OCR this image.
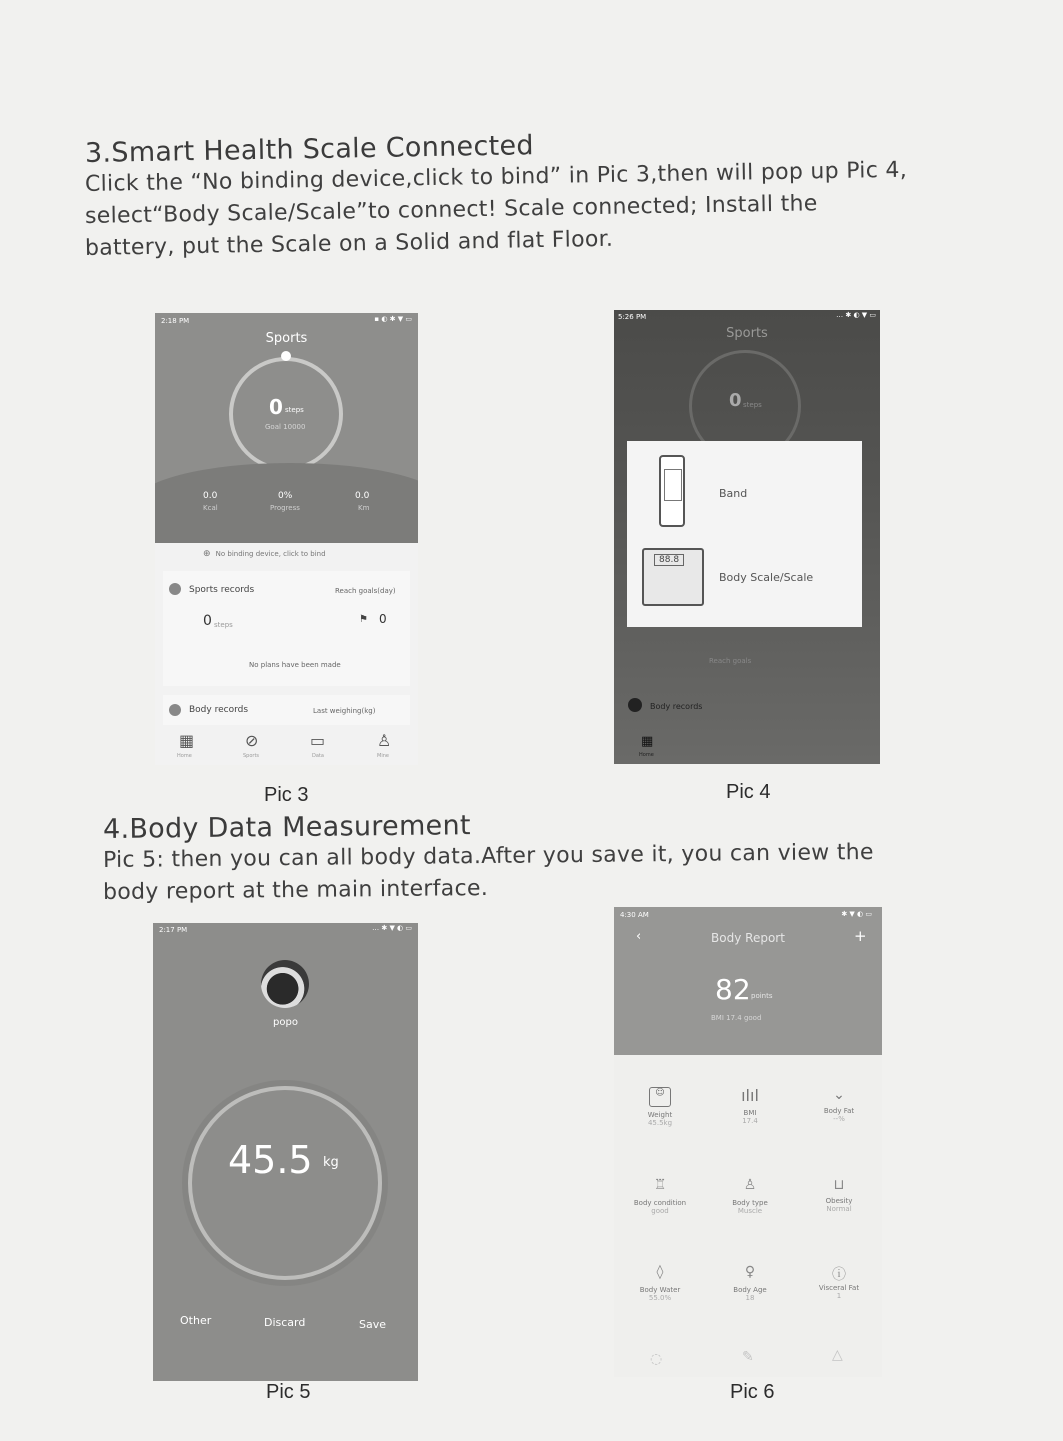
3.Smart Health Scale Connected

Click the “No binding device,click to bind” in Pic 3,then will pop up Pic 4,

select“Body Scale/Scale”to connect! Scale connected; Install the

battery, put the Scale on a Solid and flat Floor.

2:18 PM	▪ ◐ ✱ ▼ ▭
Sports
0 steps
Goal 10000
0.0
Kcal
0%
Progress
0.0
Km
⊕ No binding device, click to bind
Sports records	Reach goals(day)
0 steps	⚑ 0
No plans have been made
Body records	Last weighing(kg)
▦
Home
⊘
Sports
▭
Data
♙
Mine

Pic 3

5:26 PM	… ✱ ◐ ▼ ▭
Sports
0 steps
Band
88.8
Body Scale/Scale
Reach goals
Body records
▦
Home

Pic 4

4.Body Data Measurement

Pic 5: then you can all body data.After you save it, you can view the

body report at the main interface.

2:17 PM	… ✱ ▼ ◐ ▭
popo
45.5 kg
Other	Discard	Save

Pic 5

4:30 AM	✱ ▼ ◐ ▭
‹	Body Report	+
82 points
BMI 17.4 good
☺
Weight
45.5kg
ılıl
BMI
17.4
⌄
Body Fat
--%
♖
Body condition
good
♙
Body type
Muscle
⊔
Obesity
Normal
◊
Body Water
55.0%
♀
Body Age
18
ⓘ
Visceral Fat
1
◌	✎	△

Pic 6
